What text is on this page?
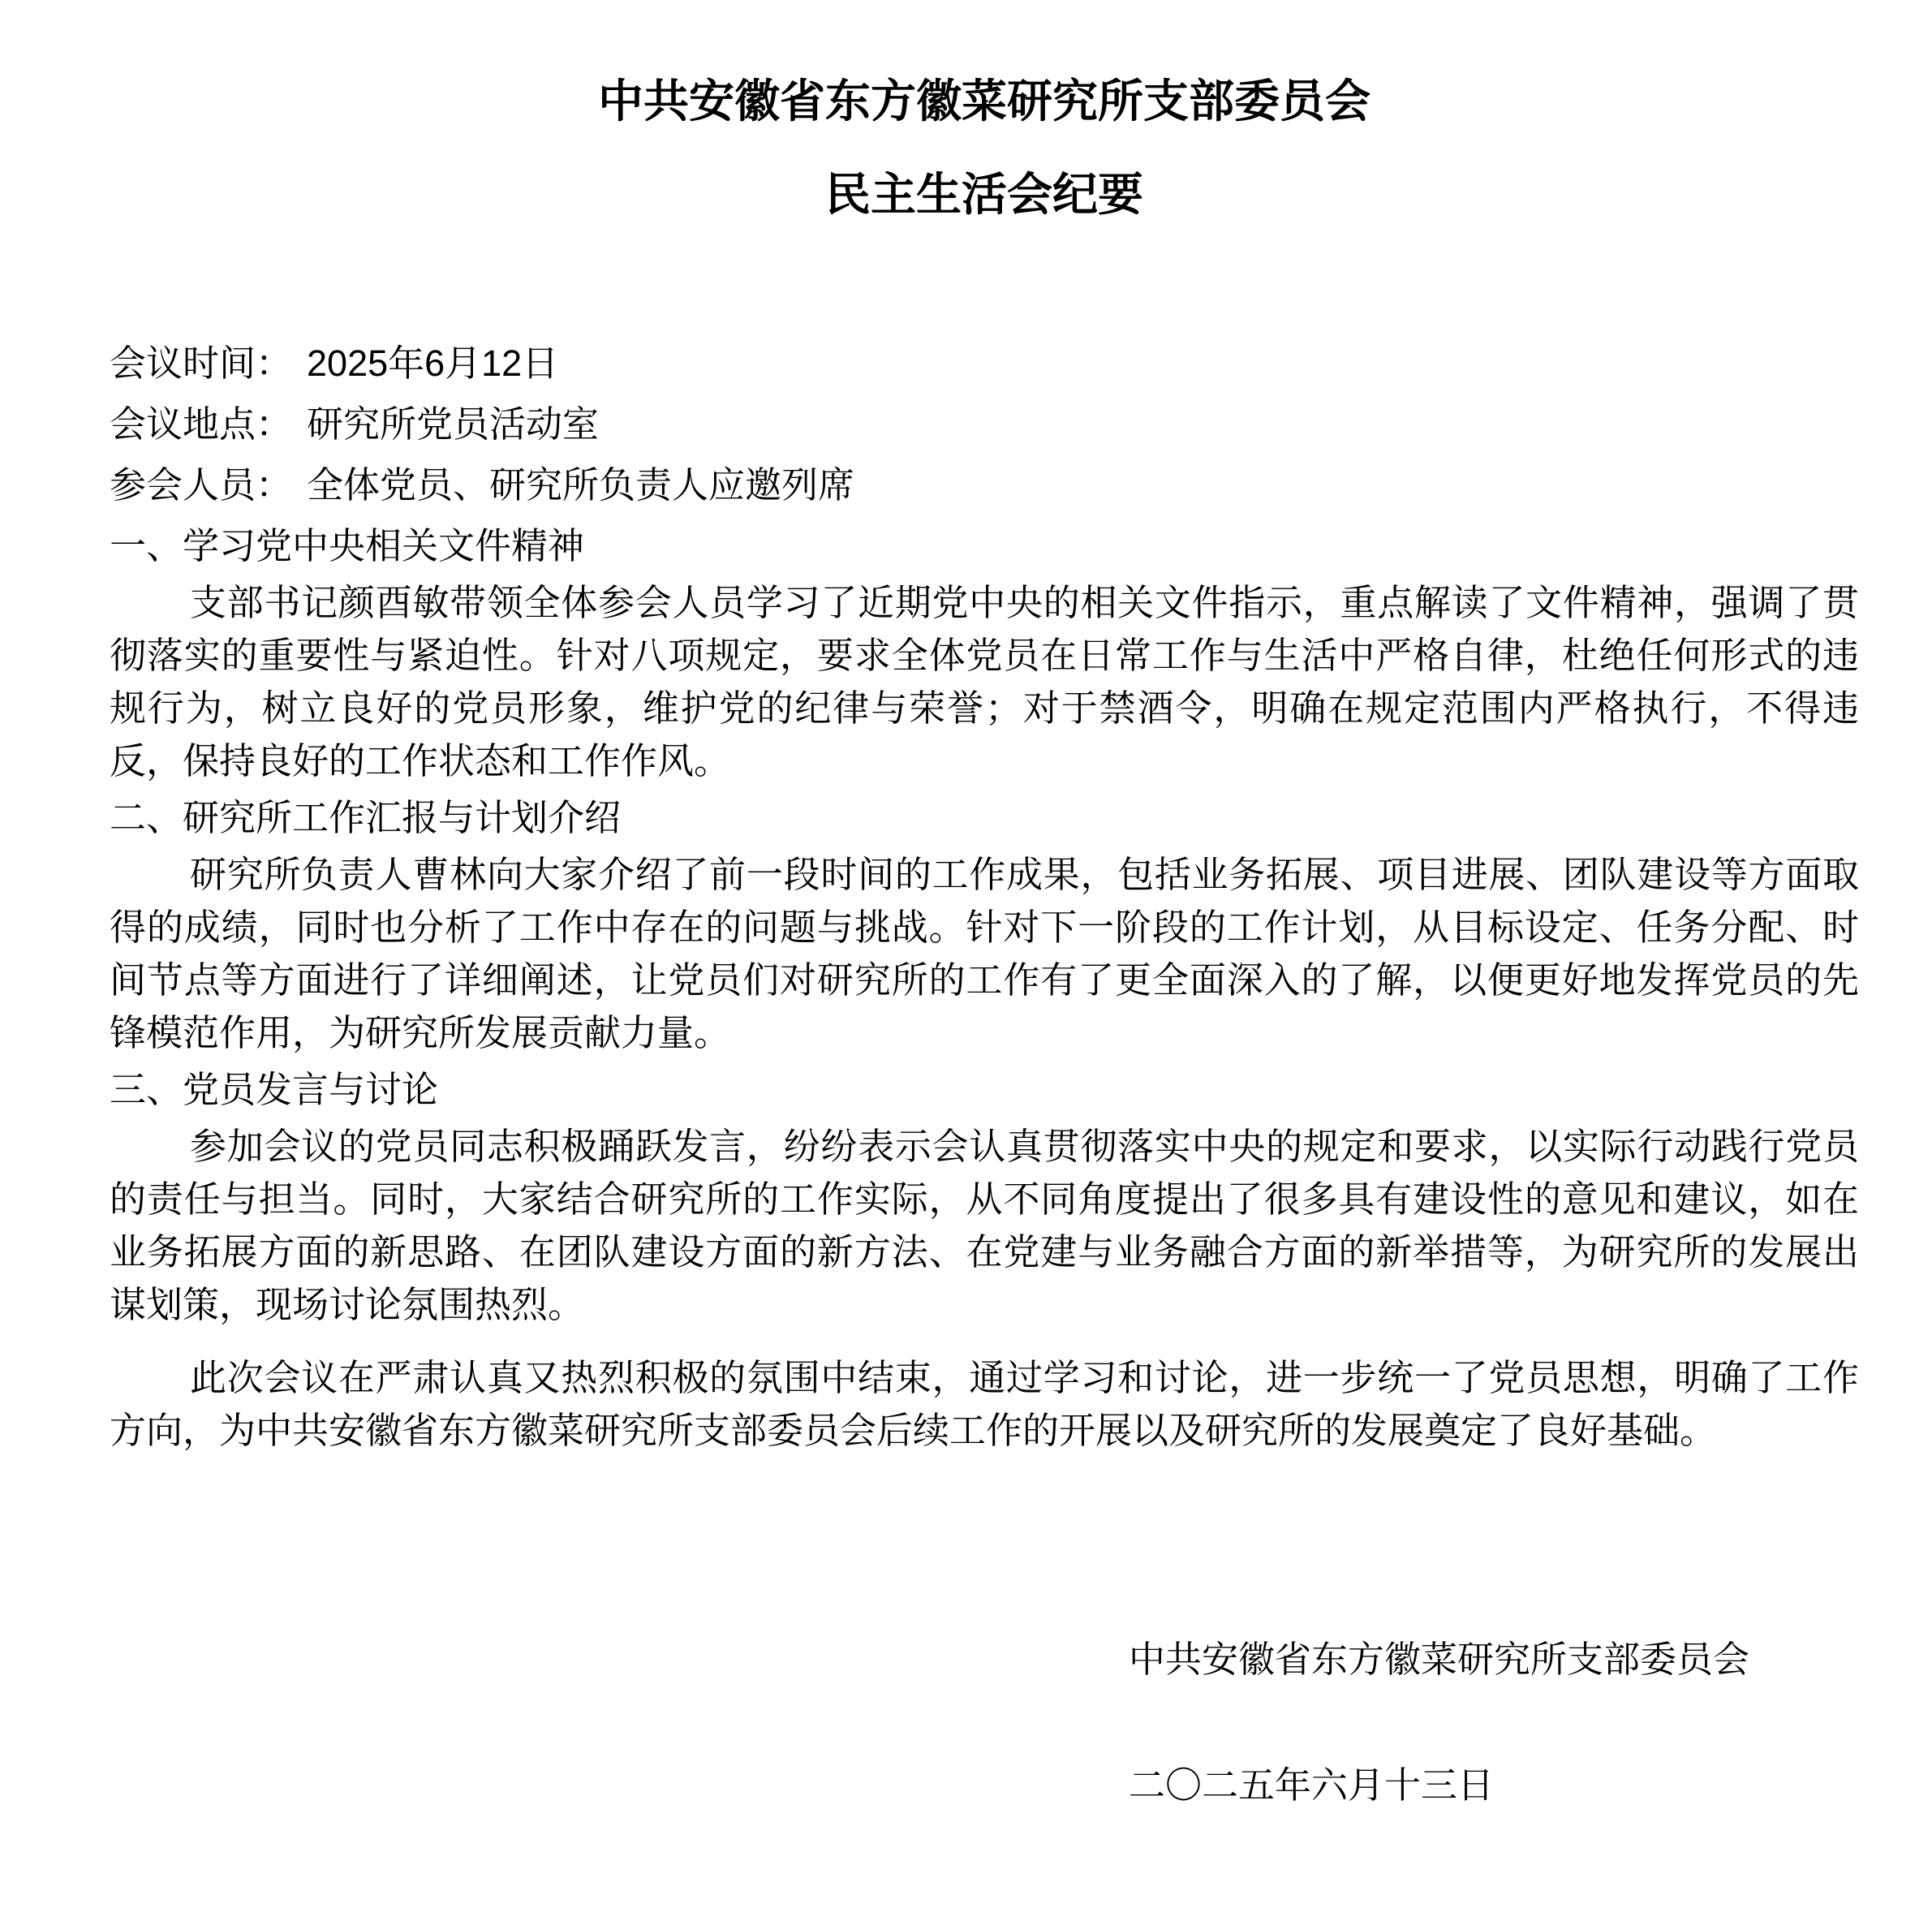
中共安徽省东方徽菜研究所支部委员会
民主生活会纪要
会议时间： 2025年6月12日
会议地点： 研究所党员活动室
参会人员： 全体党员、研究所负责人应邀列席
一、学习党中央相关文件精神

支部书记颜酉敏带领全体参会人员学习了近期党中央的相关文件指示，重点解读了文件精神，强调了贯彻落实的重要性与紧迫性。针对八项规定，要求全体党员在日常工作与生活中严格自律，杜绝任何形式的违规行为，树立良好的党员形象，维护党的纪律与荣誉；对于禁酒令，明确在规定范围内严格执行，不得违反，保持良好的工作状态和工作作风。

二、研究所工作汇报与计划介绍

研究所负责人曹林向大家介绍了前一段时间的工作成果，包括业务拓展、项目进展、团队建设等方面取得的成绩，同时也分析了工作中存在的问题与挑战。针对下一阶段的工作计划，从目标设定、任务分配、时间节点等方面进行了详细阐述，让党员们对研究所的工作有了更全面深入的了解，以便更好地发挥党员的先锋模范作用，为研究所发展贡献力量。

三、党员发言与讨论

参加会议的党员同志积极踊跃发言，纷纷表示会认真贯彻落实中央的规定和要求，以实际行动践行党员的责任与担当。同时，大家结合研究所的工作实际，从不同角度提出了很多具有建设性的意见和建议，如在业务拓展方面的新思路、在团队建设方面的新方法、在党建与业务融合方面的新举措等，为研究所的发展出谋划策，现场讨论氛围热烈。

此次会议在严肃认真又热烈积极的氛围中结束，通过学习和讨论，进一步统一了党员思想，明确了工作方向，为中共安徽省东方徽菜研究所支部委员会后续工作的开展以及研究所的发展奠定了良好基础。

中共安徽省东方徽菜研究所支部委员会
二〇二五年六月十三日
